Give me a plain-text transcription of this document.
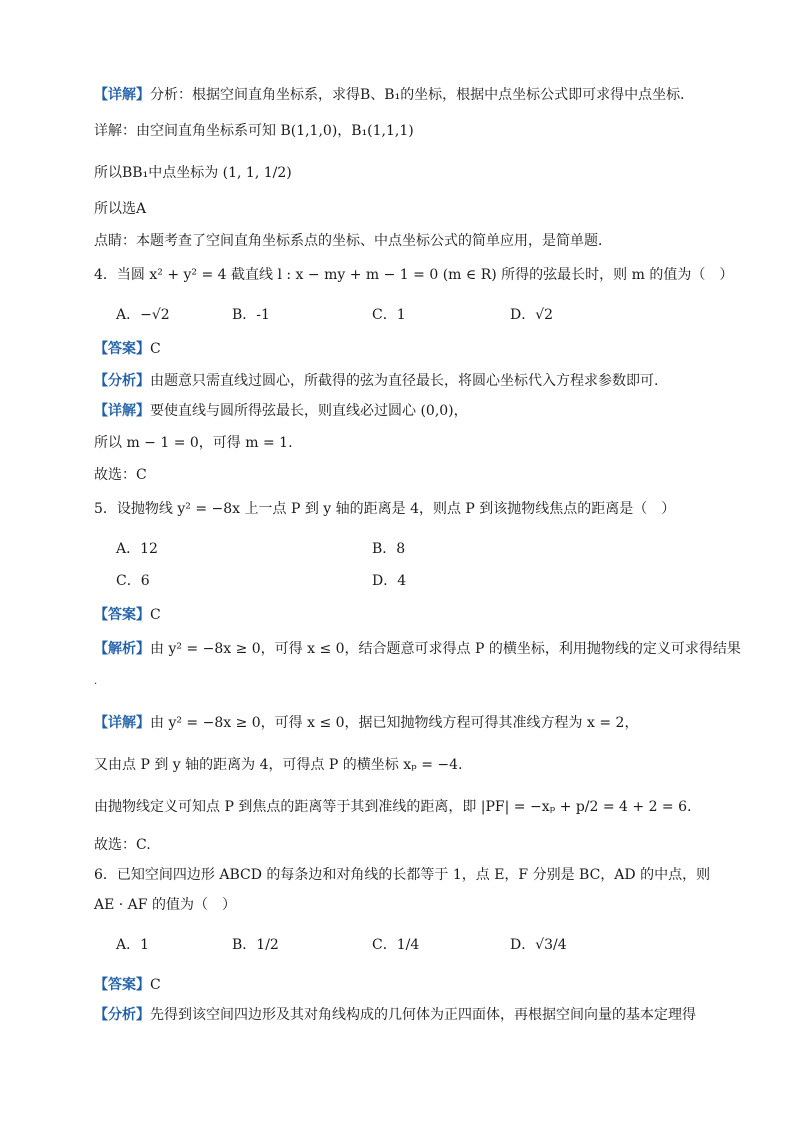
【详解】分析：根据空间直角坐标系，求得B、B₁的坐标，根据中点坐标公式即可求得中点坐标．
详解：由空间直角坐标系可知 B(1,1,0)，B₁(1,1,1)
所以BB₁中点坐标为 (1, 1, 1/2)
所以选A
点睛：本题考查了空间直角坐标系点的坐标、中点坐标公式的简单应用，是简单题．
4．当圆 x² + y² = 4 截直线 l : x − my + m − 1 = 0 (m ∈ R) 所得的弦最长时，则 m 的值为（　）
A．−√2	B．-1	C．1	D．√2
【答案】C
【分析】由题意只需直线过圆心，所截得的弦为直径最长，将圆心坐标代入方程求参数即可.
【详解】要使直线与圆所得弦最长，则直线必过圆心 (0,0)，
所以 m − 1 = 0，可得 m = 1.
故选：C
5．设抛物线 y² = −8x 上一点 P 到 y 轴的距离是 4，则点 P 到该抛物线焦点的距离是（　）
A．12	B．8
C．6	D．4
【答案】C
【解析】由 y² = −8x ≥ 0，可得 x ≤ 0，结合题意可求得点 P 的横坐标，利用抛物线的定义可求得结果
.
【详解】由 y² = −8x ≥ 0，可得 x ≤ 0，据已知抛物线方程可得其准线方程为 x = 2，
又由点 P 到 y 轴的距离为 4，可得点 P 的横坐标 xₚ = −4.
由抛物线定义可知点 P 到焦点的距离等于其到准线的距离，即 |PF| = −xₚ + p/2 = 4 + 2 = 6.
故选：C.
6．已知空间四边形 ABCD 的每条边和对角线的长都等于 1，点 E，F 分别是 BC，AD 的中点，则
AE · AF 的值为（　）
A．1	B．1/2	C．1/4	D．√3/4
【答案】C
【分析】先得到该空间四边形及其对角线构成的几何体为正四面体，再根据空间向量的基本定理得
